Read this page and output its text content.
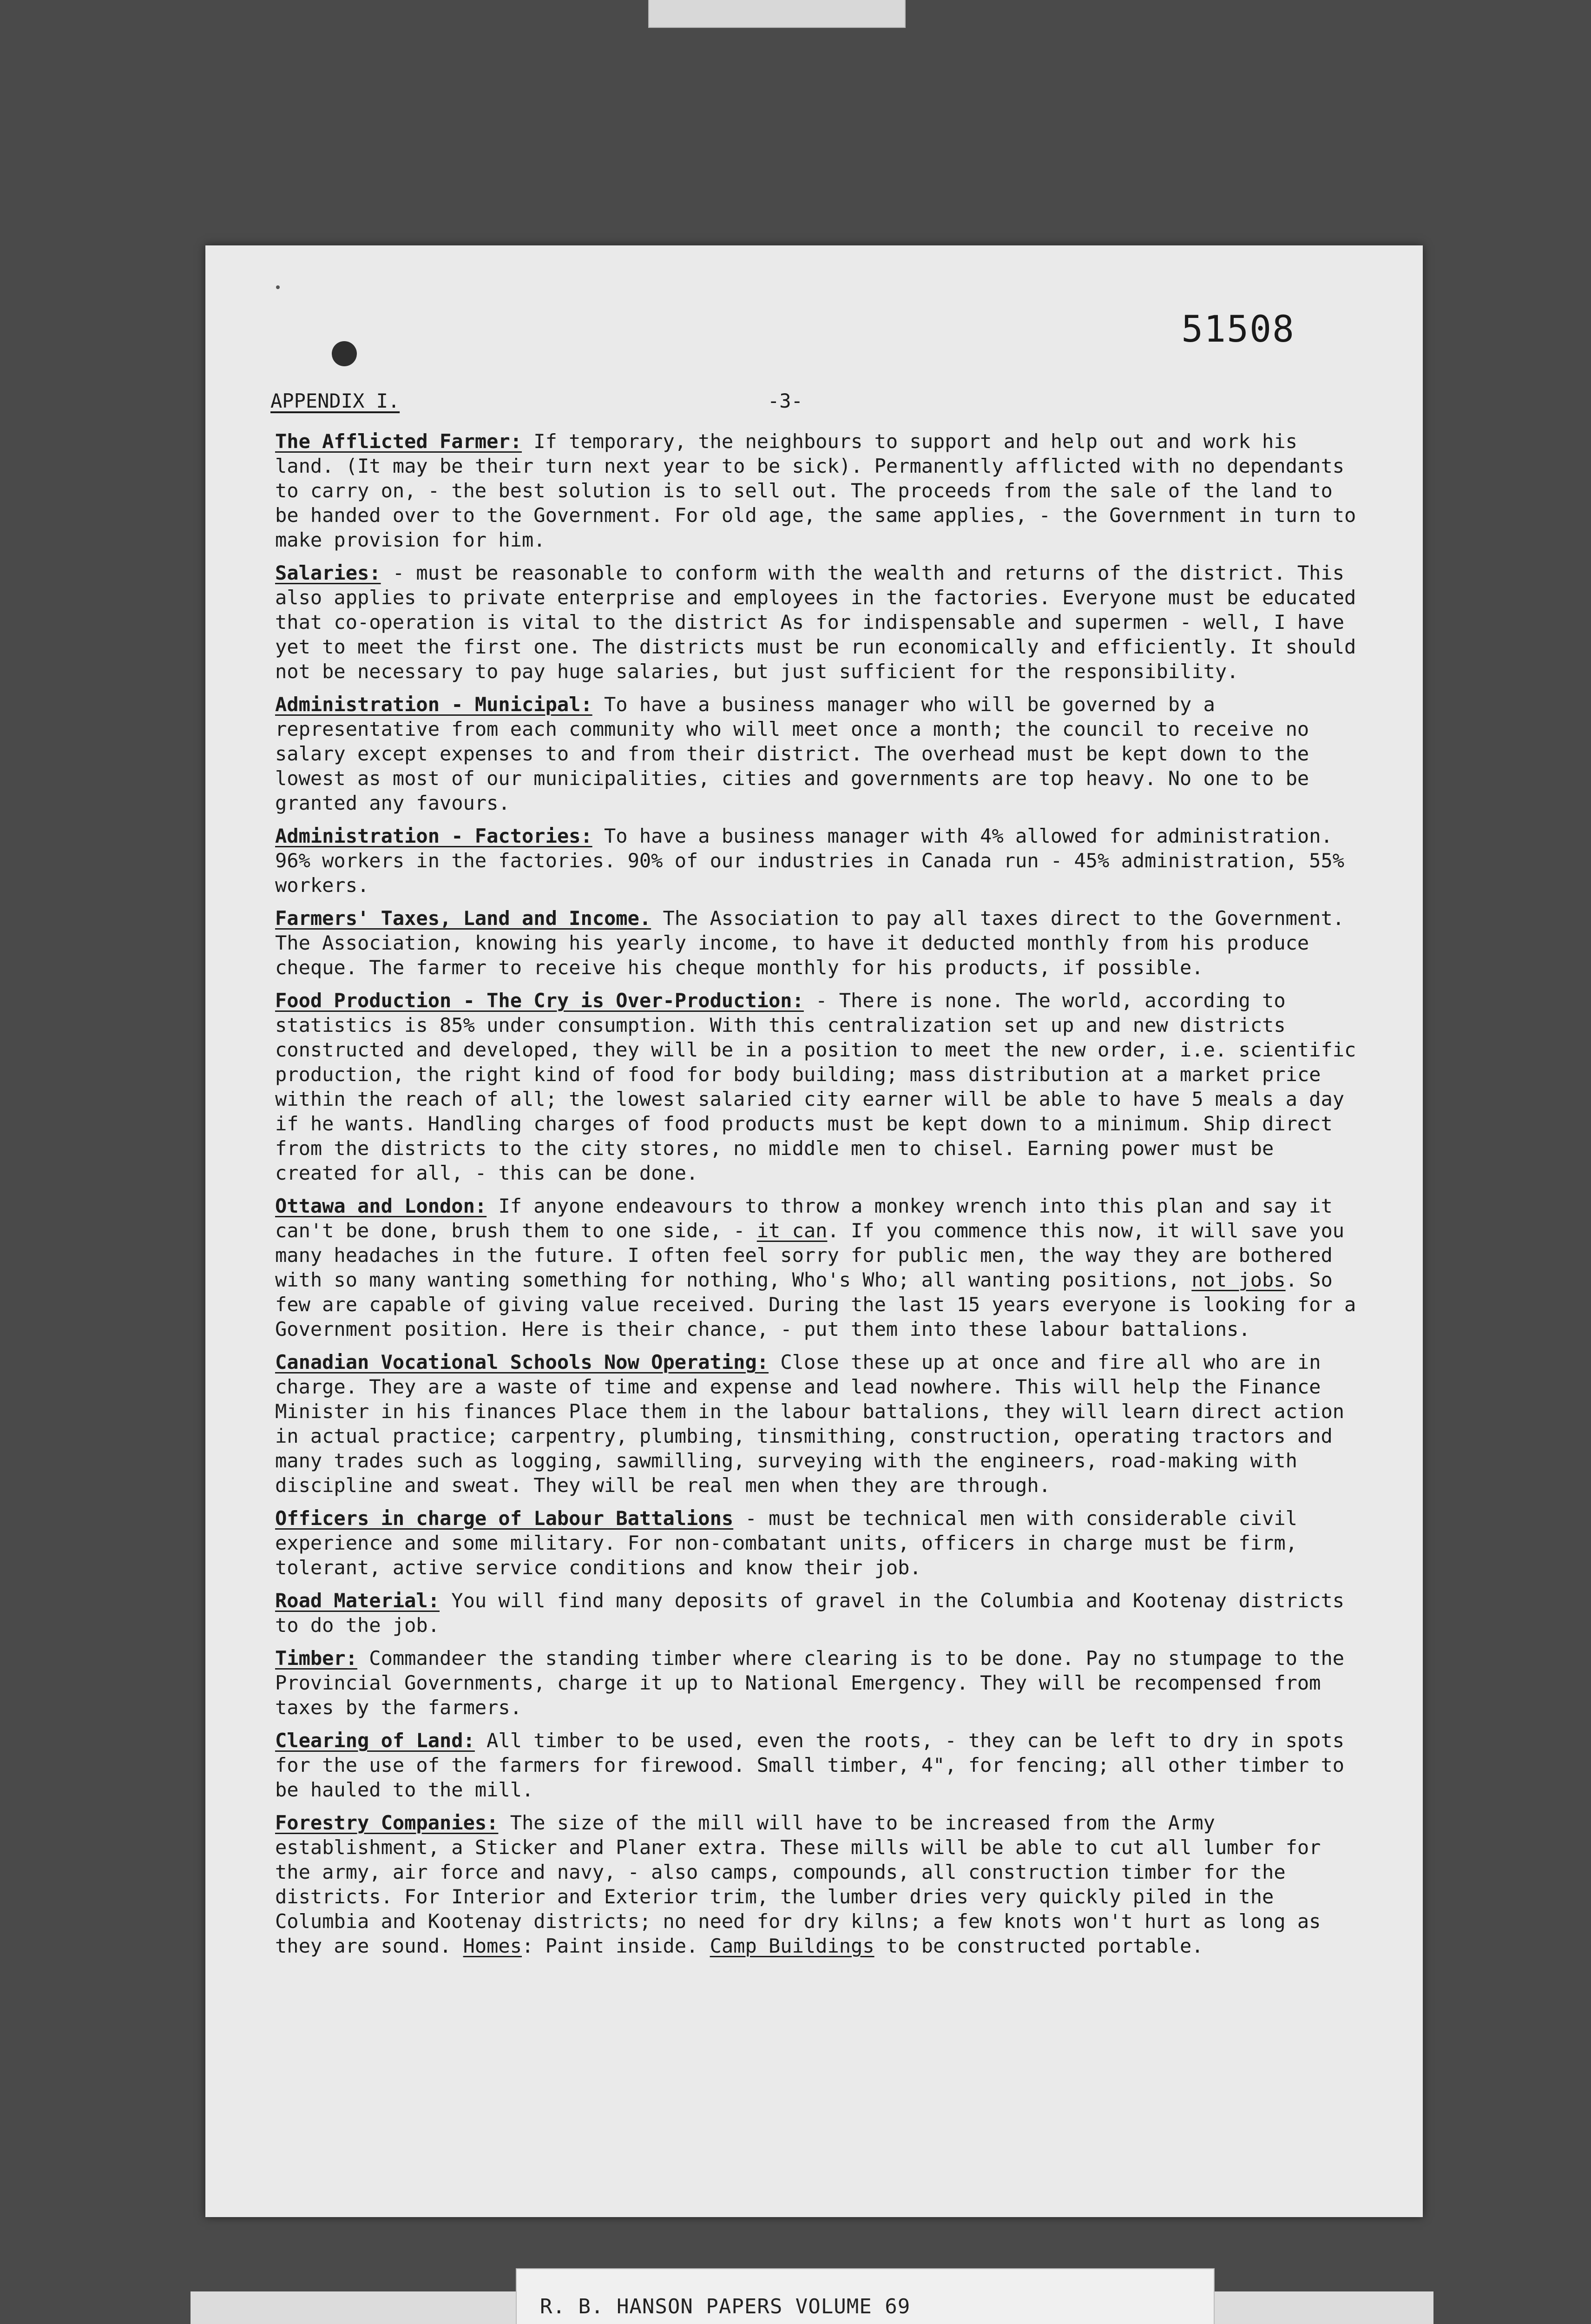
51508
APPENDIX I.	-3-

The Afflicted Farmer: If temporary, the neighbours to support and help out and work his land. (It may be their turn next year to be sick). Permanently afflicted with no dependants to carry on, - the best solution is to sell out. The proceeds from the sale of the land to be handed over to the Government. For old age, the same applies, - the Government in turn to make provision for him.

Salaries: - must be reasonable to conform with the wealth and returns of the district. This also applies to private enterprise and employees in the factories. Everyone must be educated that co-operation is vital to the district As for indispensable and supermen - well, I have yet to meet the first one. The districts must be run economically and efficiently. It should not be necessary to pay huge salaries, but just sufficient for the responsibility.

Administration - Municipal: To have a business manager who will be governed by a representative from each community who will meet once a month; the council to receive no salary except expenses to and from their district. The overhead must be kept down to the lowest as most of our municipalities, cities and governments are top heavy. No one to be granted any favours.

Administration - Factories: To have a business manager with 4% allowed for administration. 96% workers in the factories. 90% of our industries in Canada run - 45% administration, 55% workers.

Farmers' Taxes, Land and Income. The Association to pay all taxes direct to the Government. The Association, knowing his yearly income, to have it deducted monthly from his produce cheque. The farmer to receive his cheque monthly for his products, if possible.

Food Production - The Cry is Over-Production: - There is none. The world, according to statistics is 85% under consumption. With this centralization set up and new districts constructed and developed, they will be in a position to meet the new order, i.e. scientific production, the right kind of food for body building; mass distribution at a market price within the reach of all; the lowest salaried city earner will be able to have 5 meals a day if he wants. Handling charges of food products must be kept down to a minimum. Ship direct from the districts to the city stores, no middle men to chisel. Earning power must be created for all, - this can be done.

Ottawa and London: If anyone endeavours to throw a monkey wrench into this plan and say it can't be done, brush them to one side, - it can. If you commence this now, it will save you many headaches in the future. I often feel sorry for public men, the way they are bothered with so many wanting something for nothing, Who's Who; all wanting positions, not jobs. So few are capable of giving value received. During the last 15 years everyone is looking for a Government position. Here is their chance, - put them into these labour battalions.

Canadian Vocational Schools Now Operating: Close these up at once and fire all who are in charge. They are a waste of time and expense and lead nowhere. This will help the Finance Minister in his finances Place them in the labour battalions, they will learn direct action in actual practice; carpentry, plumbing, tinsmithing, construction, operating tractors and many trades such as logging, sawmilling, surveying with the engineers, road-making with discipline and sweat. They will be real men when they are through.

Officers in charge of Labour Battalions - must be technical men with considerable civil experience and some military. For non-combatant units, officers in charge must be firm, tolerant, active service conditions and know their job.

Road Material: You will find many deposits of gravel in the Columbia and Kootenay districts to do the job.

Timber: Commandeer the standing timber where clearing is to be done. Pay no stumpage to the Provincial Governments, charge it up to National Emergency. They will be recompensed from taxes by the farmers.

Clearing of Land: All timber to be used, even the roots, - they can be left to dry in spots for the use of the farmers for firewood. Small timber, 4", for fencing; all other timber to be hauled to the mill.

Forestry Companies: The size of the mill will have to be increased from the Army establishment, a Sticker and Planer extra. These mills will be able to cut all lumber for the army, air force and navy, - also camps, compounds, all construction timber for the districts. For Interior and Exterior trim, the lumber dries very quickly piled in the Columbia and Kootenay districts; no need for dry kilns; a few knots won't hurt as long as they are sound. Homes: Paint inside. Camp Buildings to be constructed portable.

R. B. HANSON PAPERS VOLUME 69
